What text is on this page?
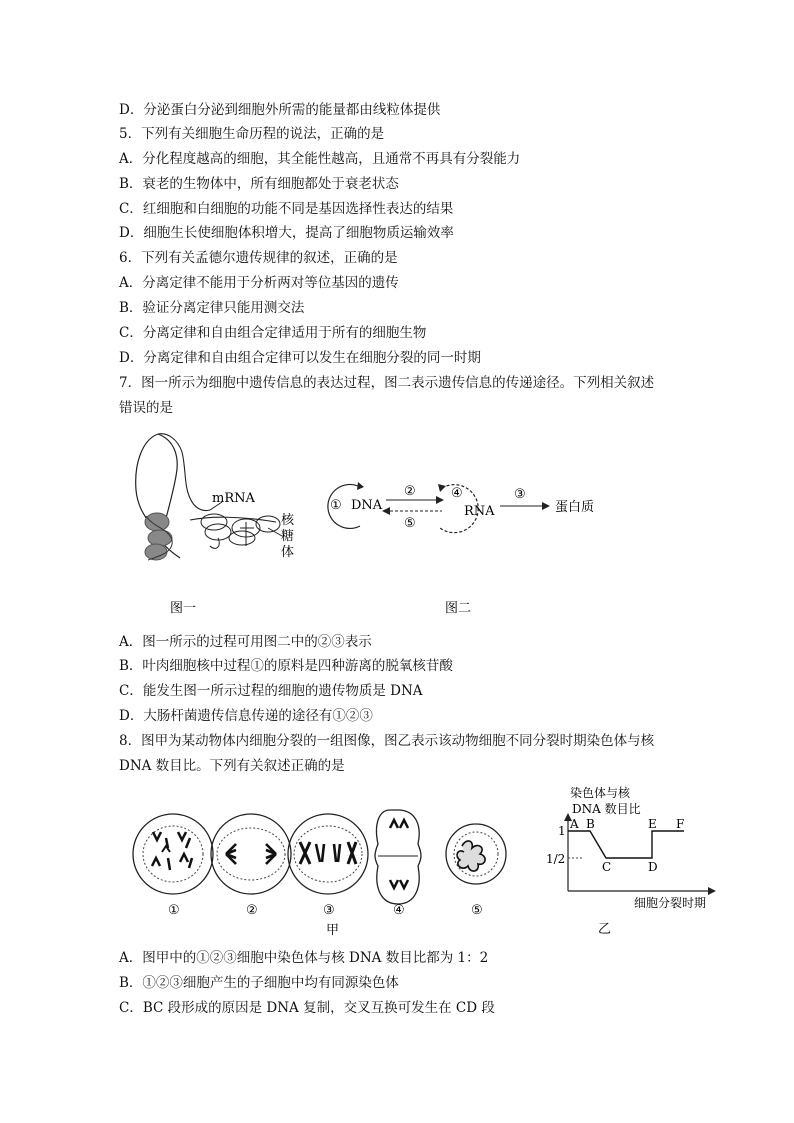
D．分泌蛋白分泌到细胞外所需的能量都由线粒体提供
5．下列有关细胞生命历程的说法，正确的是
A．分化程度越高的细胞，其全能性越高，且通常不再具有分裂能力
B．衰老的生物体中，所有细胞都处于衰老状态
C．红细胞和白细胞的功能不同是基因选择性表达的结果
D．细胞生长使细胞体积增大，提高了细胞物质运输效率
6．下列有关孟德尔遗传规律的叙述，正确的是
A．分离定律不能用于分析两对等位基因的遗传
B．验证分离定律只能用测交法
C．分离定律和自由组合定律适用于所有的细胞生物
D．分离定律和自由组合定律可以发生在细胞分裂的同一时期
7．图一所示为细胞中遗传信息的表达过程，图二表示遗传信息的传递途径。下列相关叙述
错误的是
mRNA
核
糖
体
图一
① DNA
②
⑤
④
RNA
③
蛋白质
图二
A．图一所示的过程可用图二中的②③表示
B．叶肉细胞核中过程①的原料是四种游离的脱氧核苷酸
C．能发生图一所示过程的细胞的遗传物质是 DNA
D．大肠杆菌遗传信息传递的途径有①②③
8．图甲为某动物体内细胞分裂的一组图像，图乙表示该动物细胞不同分裂时期染色体与核
DNA 数目比。下列有关叙述正确的是
①	②	③	④	⑤
甲
染色体与核
DNA 数目比
1
1/2
A B
C	D
E F
细胞分裂时期
乙
A．图甲中的①②③细胞中染色体与核 DNA 数目比都为 1：2
B．①②③细胞产生的子细胞中均有同源染色体
C．BC 段形成的原因是 DNA 复制，交叉互换可发生在 CD 段
